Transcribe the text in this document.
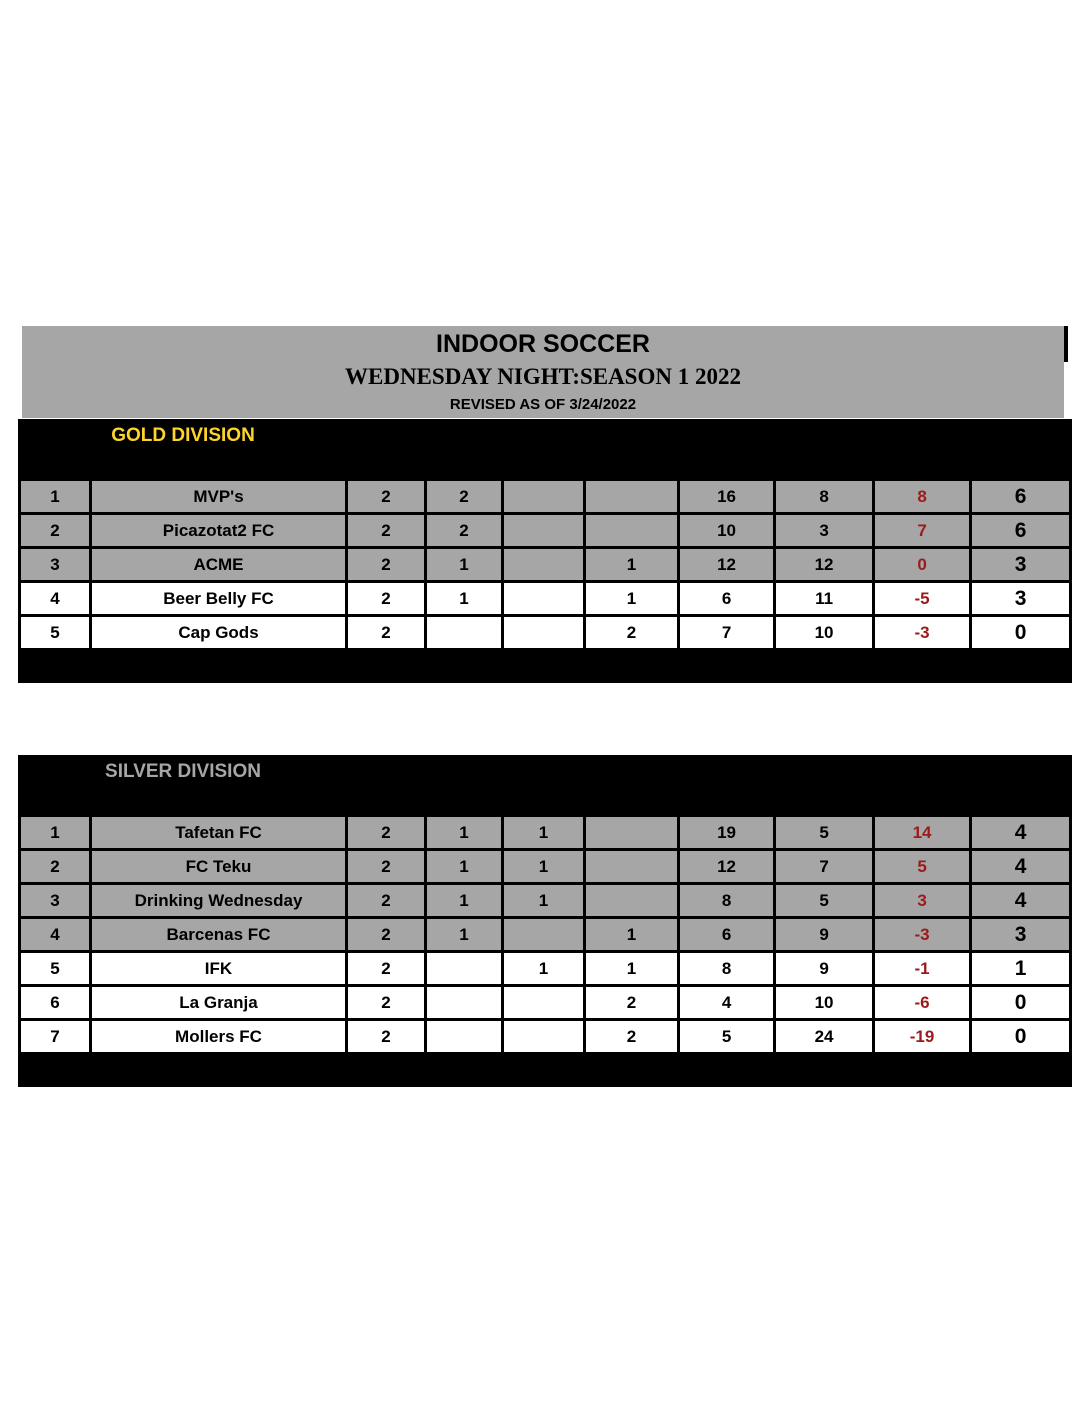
INDOOR SOCCER
WEDNESDAY NIGHT:SEASON 1 2022
REVISED AS OF 3/24/2022
GOLD DIVISION		SEASON RECORD				GOALS			TOTAL
POS.	TEAM NAME	GAMES	WINS	TIES	LOSSES	FOR	AGAINST	DIFF.	POINTS
1	MVP's	2	2			16	8	8	6
2	Picazotat2 FC	2	2			10	3	7	6
3	ACME	2	1		1	12	12	0	3
4	Beer Belly FC	2	1		1	6	11	-5	3
5	Cap Gods	2			2	7	10	-3	0
***HIGHLIGHTED TEAMS REFLECT PLAYOFF SPOTS***									
SILVER DIVISION		SEASON RECORD				GOALS			TOTAL
POS.	TEAM NAME	GAMES	WINS	TIES	LOSSES	FOR	AGAINST	DIFF.	POINTS
1	Tafetan FC	2	1	1		19	5	14	4
2	FC Teku	2	1	1		12	7	5	4
3	Drinking Wednesday	2	1	1		8	5	3	4
4	Barcenas FC	2	1		1	6	9	-3	3
5	IFK	2		1	1	8	9	-1	1
6	La Granja	2			2	4	10	-6	0
7	Mollers FC	2			2	5	24	-19	0
***HIGHLIGHTED TEAMS REFLECT PLAYOFF SPOTS***									
